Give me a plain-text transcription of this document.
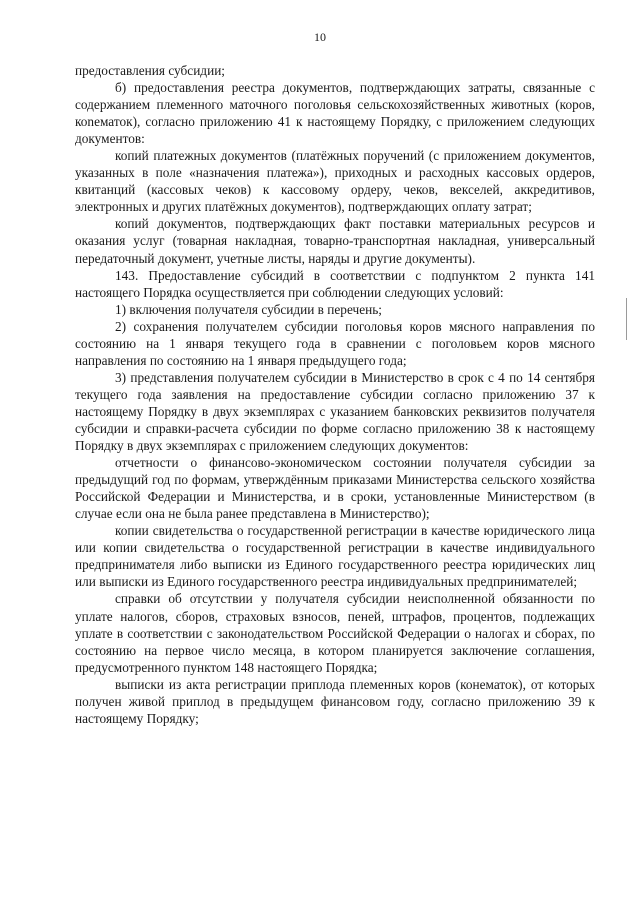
10

предоставления субсидии;

б) предоставления реестра документов, подтверждающих затраты, связанные с содержанием племенного маточного поголовья сельскохозяйственных животных (коров, коneматок), согласно приложению 41 к настоящему Порядку, с приложением следующих документов:

копий платежных документов (платёжных поручений (с приложением документов, указанных в поле «назначения платежа»), приходных и расходных кассовых ордеров, квитанций (кассовых чеков) к кассовому ордеру, чеков, векселей, аккредитивов, электронных и других платёжных документов), подтверждающих оплату затрат;

копий документов, подтверждающих факт поставки материальных ресурсов и оказания услуг (товарная накладная, товарно-транспортная накладная, универсальный передаточный документ, учетные листы, наряды и другие документы).

143. Предоставление субсидий в соответствии с подпунктом 2 пункта 141 настоящего Порядка осуществляется при соблюдении следующих условий:

1) включения получателя субсидии в перечень;

2) сохранения получателем субсидии поголовья коров мясного направления по состоянию на 1 января текущего года в сравнении с поголовьем коров мясного направления по состоянию на 1 января предыдущего года;

3) представления получателем субсидии в Министерство в срок с 4 по 14 сентября текущего года заявления на предоставление субсидии согласно приложению 37 к настоящему Порядку в двух экземплярах с указанием банковских реквизитов получателя субсидии и справки-расчета субсидии по форме согласно приложению 38 к настоящему Порядку в двух экземплярах с приложением следующих документов:

отчетности о финансово-экономическом состоянии получателя субсидии за предыдущий год по формам, утверждённым приказами Министерства сельского хозяйства Российской Федерации и Министерства, и в сроки, установленные Министерством (в случае если она не была ранее представлена в Министерство);

копии свидетельства о государственной регистрации в качестве юридического лица или копии свидетельства о государственной регистрации в качестве индивидуального предпринимателя либо выписки из Единого государственного реестра юридических лиц или выписки из Единого государственного реестра индивидуальных предпринимателей;

справки об отсутствии у получателя субсидии неисполненной обязанности по уплате налогов, сборов, страховых взносов, пеней, штрафов, процентов, подлежащих уплате в соответствии с законодательством Российской Федерации о налогах и сборах, по состоянию на первое число месяца, в котором планируется заключение соглашения, предусмотренного пунктом 148 настоящего Порядка;

выписки из акта регистрации приплода племенных коров (конематок), от которых получен живой приплод в предыдущем финансовом году, согласно приложению 39 к настоящему Порядку;
